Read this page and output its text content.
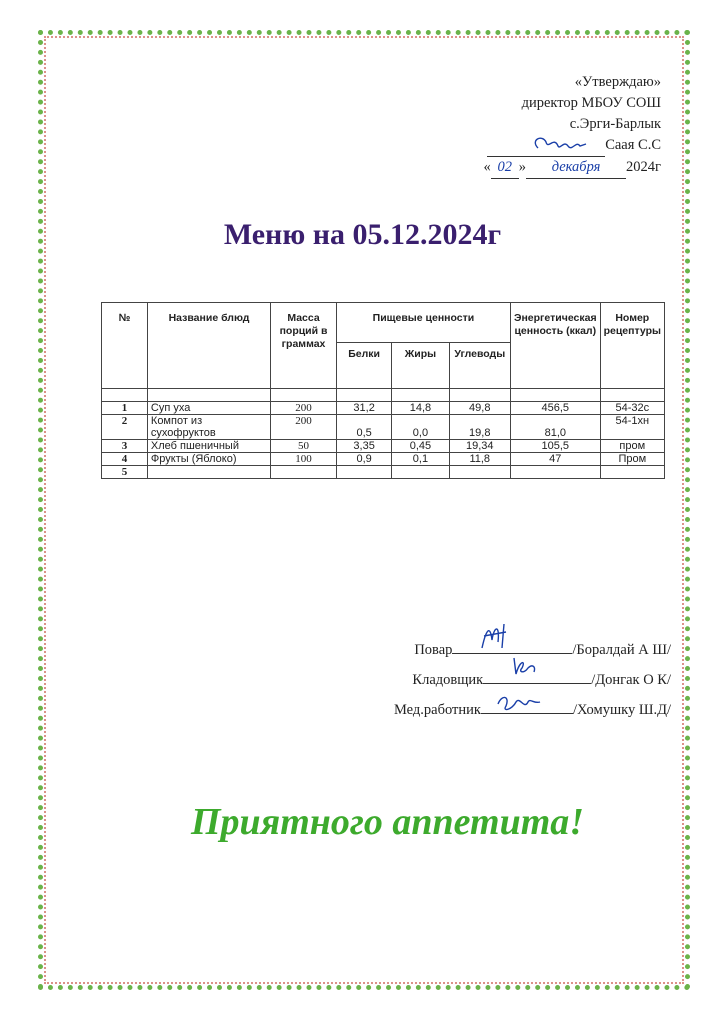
«Утверждаю»
директор МБОУ СОШ
с.Эрги-Барлык
Саая С.С
« 02 » декабря 2024г
Меню на 05.12.2024г
№	Название блюд	Масса порций в граммах	Пищевые ценности			Энергетическая ценность (ккал)	Номер рецептуры
			Белки	Жиры	Углеводы		

1	Суп уха	200	31,2	14,8	49,8	456,5	54-32с
2	Компот из сухофруктов	200	0,5	0,0	19,8	81,0	54-1хн
3	Хлеб пшеничный	50	3,35	0,45	19,34	105,5	пром
4	Фрукты (Яблоко)	100	0,9	0,1	11,8	47	Пром
5							
Повар	/Боралдай А Ш/
Кладовщик	/Донгак О К/
Мед.работник	/Хомушку Ш.Д/
Приятного аппетита!
